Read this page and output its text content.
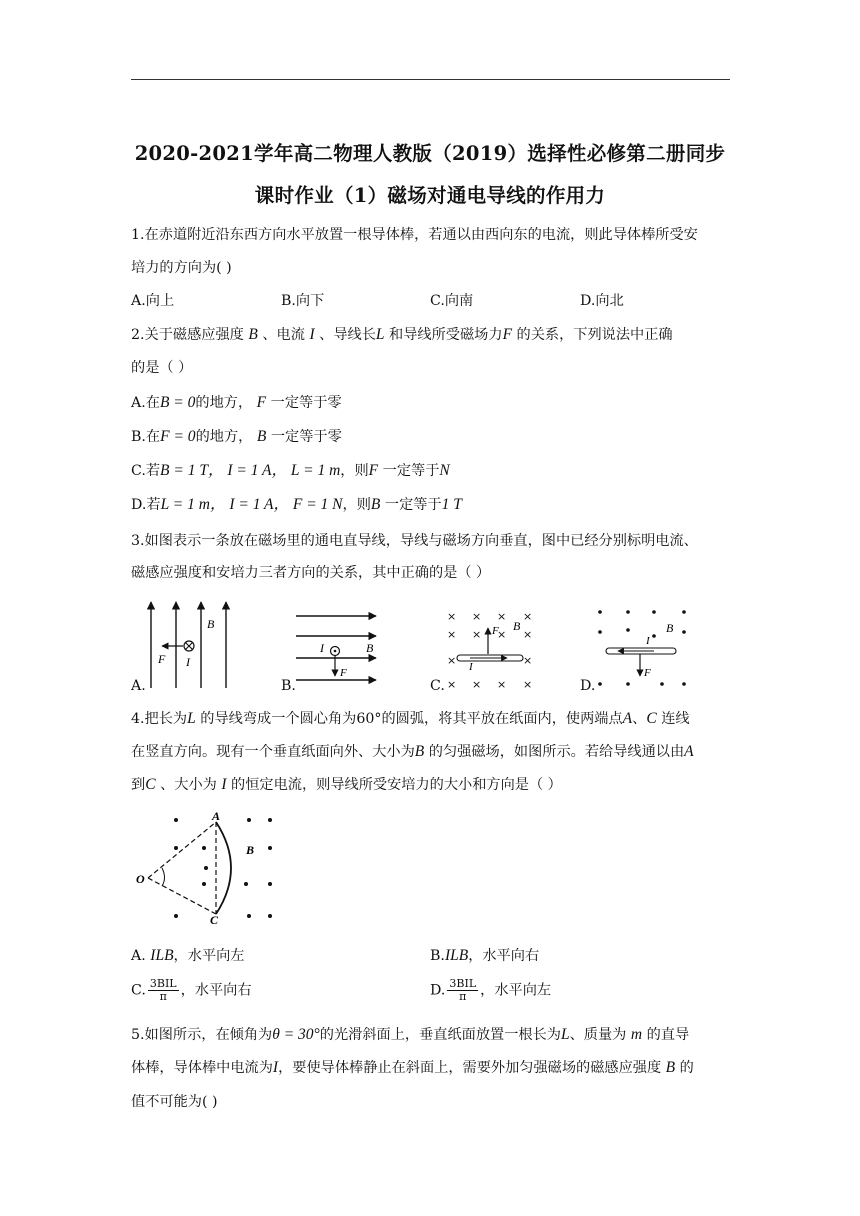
2020-2021学年高二物理人教版（2019）选择性必修第二册同步
课时作业（1）磁场对通电导线的作用力
1.在赤道附近沿东西方向水平放置一根导体棒，若通以由西向东的电流，则此导体棒所受安
培力的方向为( )
A.向上	B.向下	C.向南	D.向北
2.关于磁感应强度 B 、电流 I 、导线长L 和导线所受磁场力F 的关系，下列说法中正确
的是（ ）
A.在B = 0的地方， F 一定等于零
B.在F = 0的地方， B 一定等于零
C.若B = 1 T， I = 1 A， L = 1 m，则F 一定等于N
D.若L = 1 m， I = 1 A， F = 1 N，则B 一定等于1 T
3.如图表示一条放在磁场里的通电直导线，导线与磁场方向垂直，图中已经分别标明电流、
磁感应强度和安培力三者方向的关系，其中正确的是（ ）
B
F I
A.
I	B
F
B.
× × × ×
× × × ×
×	×
× × × ×
F B
I
C.
I
B
F
D.
4.把长为L 的导线弯成一个圆心角为60°的圆弧，将其平放在纸面内，使两端点A、C 连线
在竖直方向。现有一个垂直纸面向外、大小为B 的匀强磁场，如图所示。若给导线通以由A
到C 、大小为 I 的恒定电流，则导线所受安培力的大小和方向是（ ）
A
B
O
C
A. ILB，水平向左	B.ILB，水平向右
C. $\frac{\text{3BIL}}{\pi}$ ，水平向右	D. $\frac{\text{3BIL}}{\pi}$ ，水平向左
5.如图所示，在倾角为θ = 30°的光滑斜面上，垂直纸面放置一根长为L、质量为 m 的直导
体棒，导体棒中电流为I，要使导体棒静止在斜面上，需要外加匀强磁场的磁感应强度 B 的
值不可能为( )
